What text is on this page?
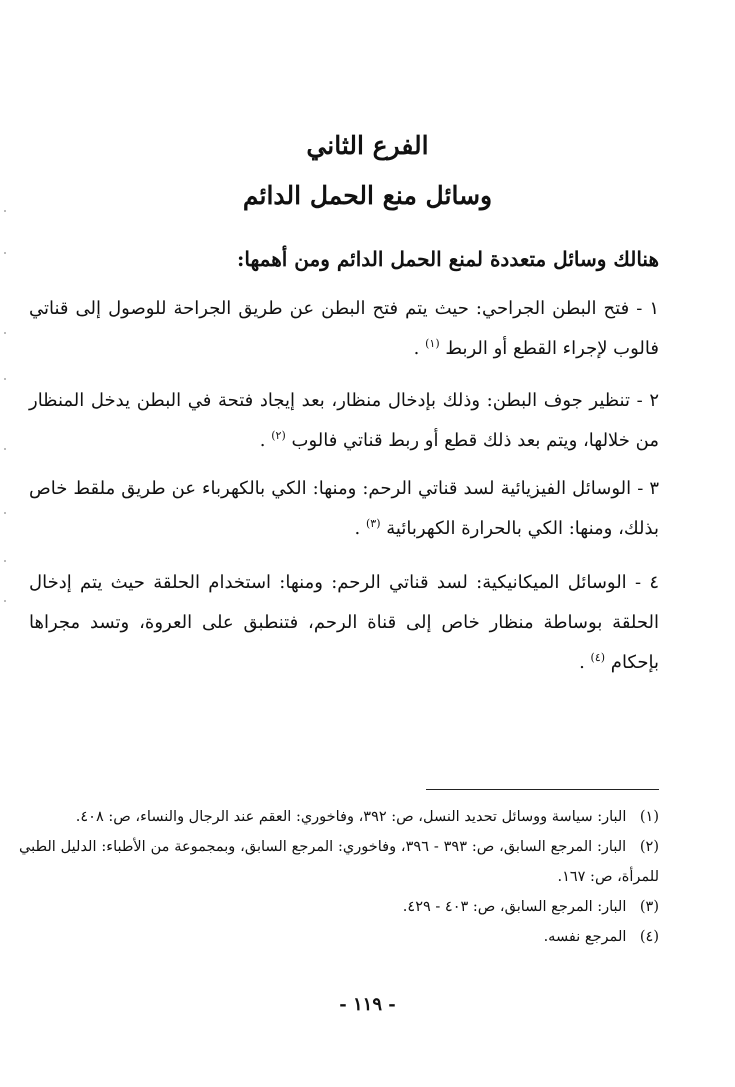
الفرع الثاني
وسائل منع الحمل الدائم
هنالك وسائل متعددة لمنع الحمل الدائم ومن أهمها:
١ - فتح البطن الجراحي: حيث يتم فتح البطن عن طريق الجراحة للوصول إلى قناتي فالوب لإجراء القطع أو الربط $^{(١)}$ .
٢ - تنظير جوف البطن: وذلك بإدخال منظار، بعد إيجاد فتحة في البطن يدخل المنظار من خلالها، ويتم بعد ذلك قطع أو ربط قناتي فالوب $^{(٢)}$ .
٣ - الوسائل الفيزيائية لسد قناتي الرحم: ومنها: الكي بالكهرباء عن طريق ملقط خاص بذلك، ومنها: الكي بالحرارة الكهربائية $^{(٣)}$ .
٤ - الوسائل الميكانيكية: لسد قناتي الرحم: ومنها: استخدام الحلقة حيث يتم إدخال الحلقة بوساطة منظار خاص إلى قناة الرحم، فتنطبق على العروة، وتسد مجراها بإحكام $^{(٤)}$ .
(١) البار: سياسة ووسائل تحديد النسل، ص: ٣٩٢، وفاخوري: العقم عند الرجال والنساء، ص: ٤٠٨.
(٢) البار: المرجع السابق، ص: ٣٩٣ - ٣٩٦، وفاخوري: المرجع السابق، وبمجموعة من الأطباء: الدليل الطبي للمرأة، ص: ١٦٧.
(٣) البار: المرجع السابق، ص: ٤٠٣ - ٤٢٩.
(٤) المرجع نفسه.
- ١١٩ -
